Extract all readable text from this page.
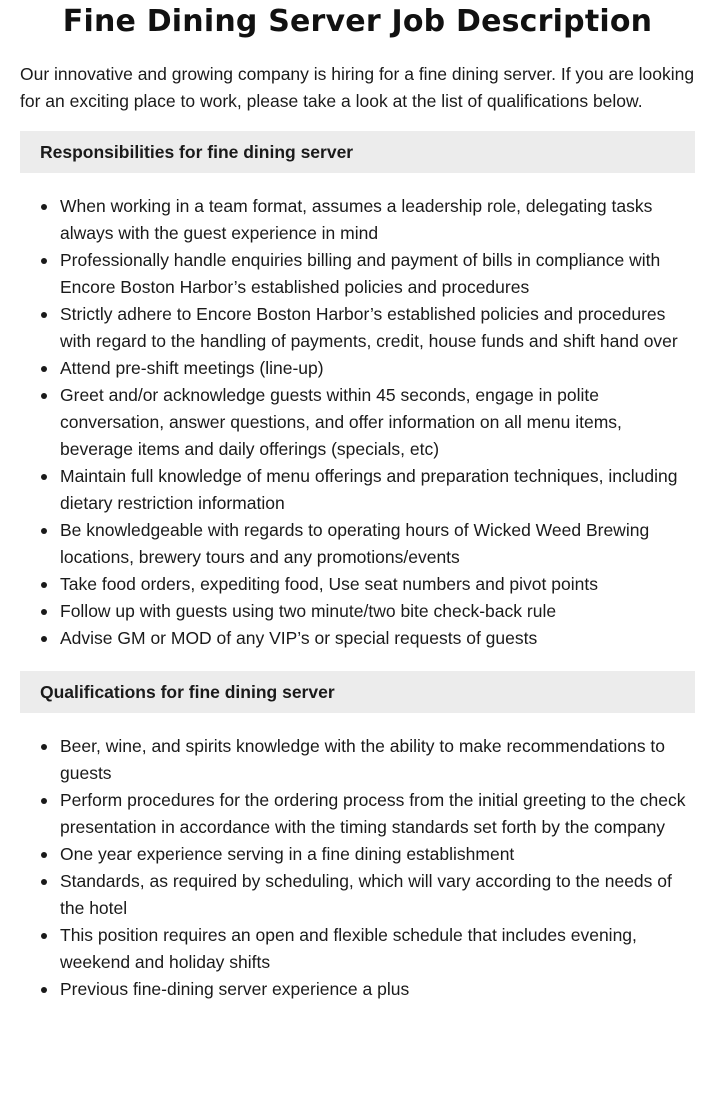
Fine Dining Server Job Description

Our innovative and growing company is hiring for a fine dining server. If you are looking for an exciting place to work, please take a look at the list of qualifications below.

Responsibilities for fine dining server
When working in a team format, assumes a leadership role, delegating tasks always with the guest experience in mind
Professionally handle enquiries billing and payment of bills in compliance with Encore Boston Harbor’s established policies and procedures
Strictly adhere to Encore Boston Harbor’s established policies and procedures with regard to the handling of payments, credit, house funds and shift hand over
Attend pre-shift meetings (line-up)
Greet and/or acknowledge guests within 45 seconds, engage in polite conversation, answer questions, and offer information on all menu items, beverage items and daily offerings (specials, etc)
Maintain full knowledge of menu offerings and preparation techniques, including dietary restriction information
Be knowledgeable with regards to operating hours of Wicked Weed Brewing locations, brewery tours and any promotions/events
Take food orders, expediting food, Use seat numbers and pivot points
Follow up with guests using two minute/two bite check-back rule
Advise GM or MOD of any VIP’s or special requests of guests
Qualifications for fine dining server
Beer, wine, and spirits knowledge with the ability to make recommendations to guests
Perform procedures for the ordering process from the initial greeting to the check presentation in accordance with the timing standards set forth by the company
One year experience serving in a fine dining establishment
Standards, as required by scheduling, which will vary according to the needs of the hotel
This position requires an open and flexible schedule that includes evening, weekend and holiday shifts
Previous fine-dining server experience a plus
